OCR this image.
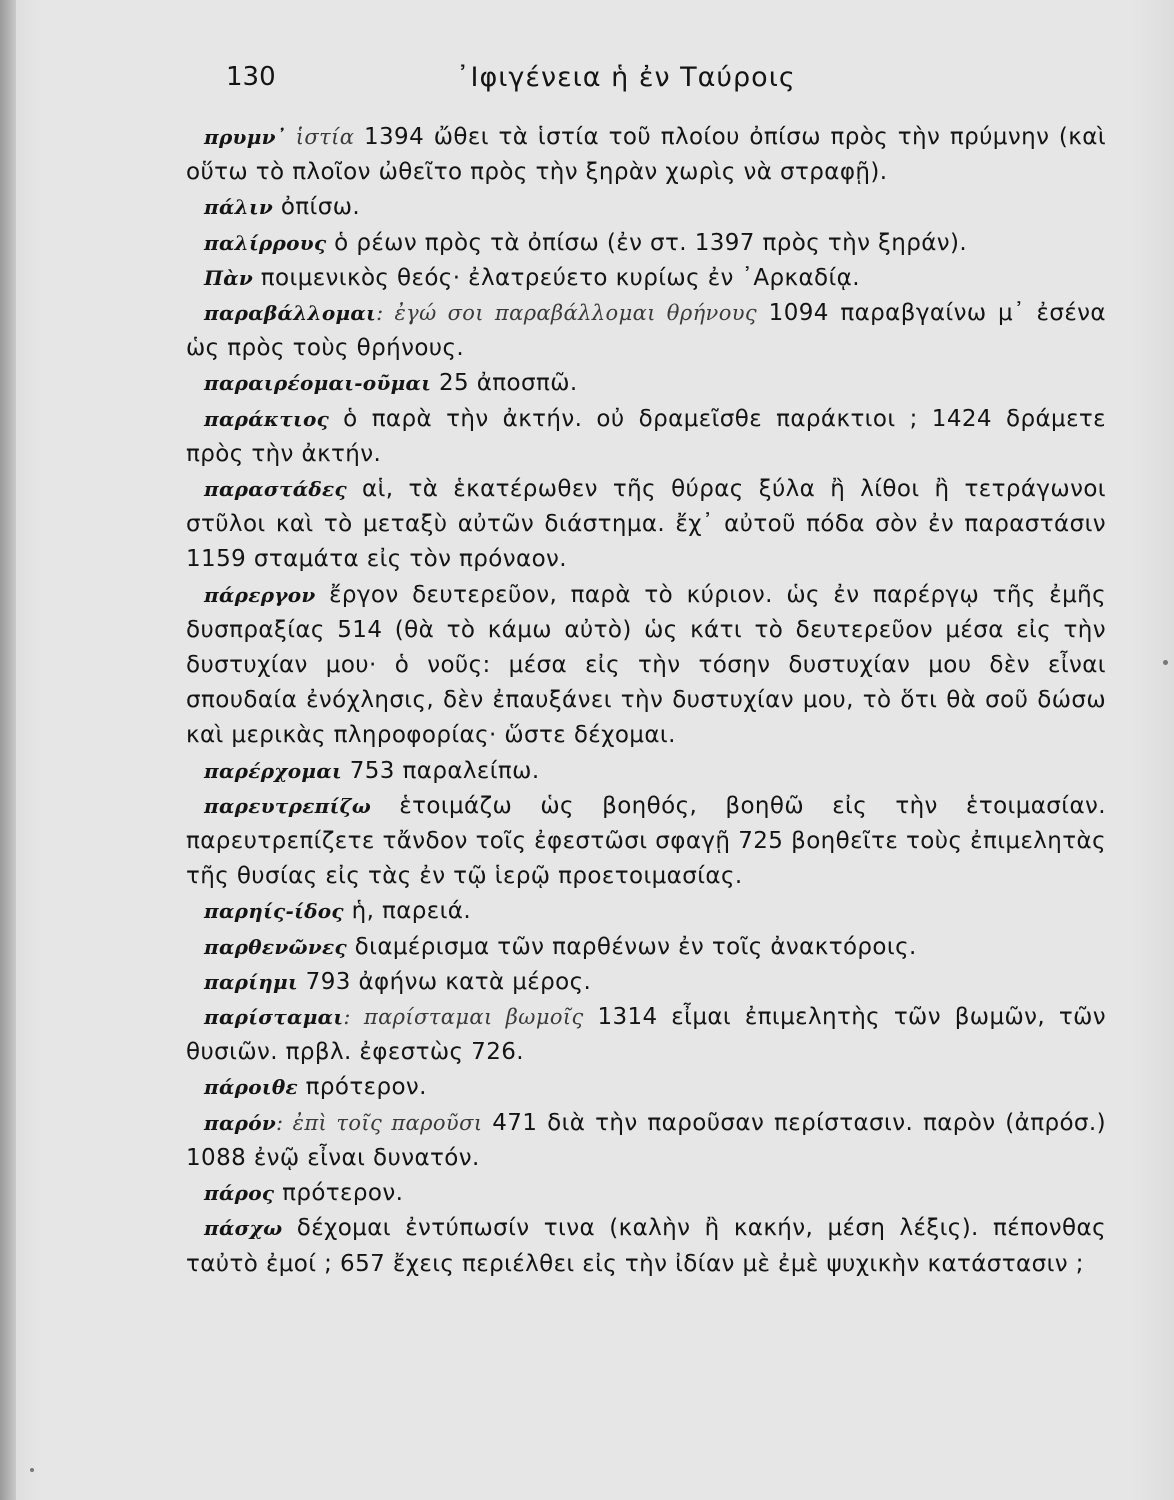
130	᾿Ιφιγένεια ἡ ἐν Ταύροις

πρυμν᾿ ἱστία 1394 ὤθει τὰ ἱστία τοῦ πλοίου ὀπίσω πρὸς τὴν πρύμνην (καὶ οὕτω τὸ πλοῖον ὠθεῖτο πρὸς τὴν ξηρὰν χωρὶς νὰ στραφῇ).

πάλιν ὀπίσω.

παλίρρους ὁ ρέων πρὸς τὰ ὀπίσω (ἐν στ. 1397 πρὸς τὴν ξηράν).

Πὰν ποιμενικὸς θεός· ἐλατρεύετο κυρίως ἐν ᾿Αρκαδίᾳ.

παραβάλλομαι: ἐγώ σοι παραβάλλομαι θρήνους 1094 παραβγαίνω μ᾿ ἐσένα ὡς πρὸς τοὺς θρήνους.

παραιρέομαι-οῦμαι 25 ἀποσπῶ.

παράκτιος ὁ παρὰ τὴν ἀκτήν. οὐ δραμεῖσθε παράκτιοι ; 1424 δράμετε πρὸς τὴν ἀκτήν.

παραστάδες αἱ, τὰ ἑκατέρωθεν τῆς θύρας ξύλα ἢ λίθοι ἢ τετράγωνοι στῦλοι καὶ τὸ μεταξὺ αὐτῶν διάστημα. ἔχ᾿ αὐτοῦ πόδα σὸν ἐν παραστάσιν 1159 σταμάτα εἰς τὸν πρόναον.

πάρεργον ἔργον δευτερεῦον, παρὰ τὸ κύριον. ὡς ἐν παρέργῳ τῆς ἐμῆς δυσπραξίας 514 (θὰ τὸ κάμω αὐτὸ) ὡς κάτι τὸ δευτερεῦον μέσα εἰς τὴν δυστυχίαν μου· ὁ νοῦς: μέσα εἰς τὴν τόσην δυστυχίαν μου δὲν εἶναι σπουδαία ἐνόχλησις, δὲν ἐπαυξάνει τὴν δυστυχίαν μου, τὸ ὅτι θὰ σοῦ δώσω καὶ μερικὰς πληροφορίας· ὥστε δέχομαι.

παρέρχομαι 753 παραλείπω.

παρευτρεπίζω ἑτοιμάζω ὡς βοηθός, βοηθῶ εἰς τὴν ἑτοιμασίαν. παρευτρεπίζετε τἄνδον τοῖς ἐφεστῶσι σφαγῇ 725 βοηθεῖτε τοὺς ἐπιμελητὰς τῆς θυσίας εἰς τὰς ἐν τῷ ἱερῷ προετοιμασίας.

παρηίς-ίδος ἡ, παρειά.

παρθενῶνες διαμέρισμα τῶν παρθένων ἐν τοῖς ἀνακτόροις.

παρίημι 793 ἀφήνω κατὰ μέρος.

παρίσταμαι: παρίσταμαι βωμοῖς 1314 εἶμαι ἐπιμελητὴς τῶν βωμῶν, τῶν θυσιῶν. πρβλ. ἐφεστὼς 726.

πάροιθε πρότερον.

παρόν: ἐπὶ τοῖς παροῦσι 471 διὰ τὴν παροῦσαν περίστασιν. παρὸν (ἀπρόσ.) 1088 ἐνῷ εἶναι δυνατόν.

πάρος πρότερον.

πάσχω δέχομαι ἐντύπωσίν τινα (καλὴν ἢ κακήν, μέση λέξις). πέπονθας ταὐτὸ ἐμοί ; 657 ἔχεις περιέλθει εἰς τὴν ἰδίαν μὲ ἐμὲ ψυχικὴν κατάστασιν ;
